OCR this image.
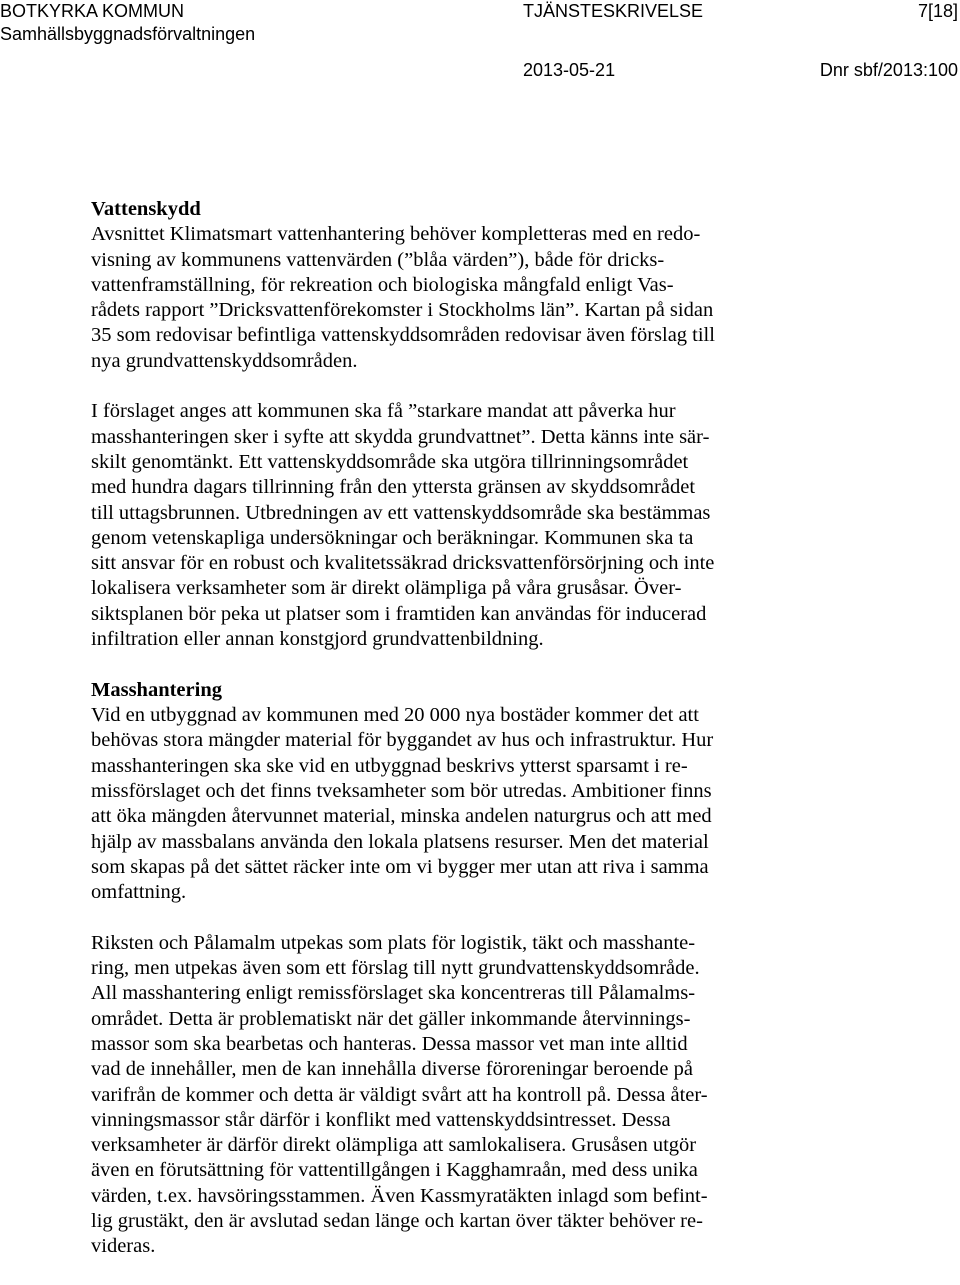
BOTKYRKA KOMMUN	TJÄNSTESKRIVELSE	7[18]
Samhällsbyggnadsförvaltningen
2013-05-21	Dnr sbf/2013:100
Vattenskydd
Avsnittet Klimatsmart vattenhantering behöver kompletteras med en redo-
visning av kommunens vattenvärden (”blåa värden”), både för dricks-
vattenframställning, för rekreation och biologiska mångfald enligt Vas-
rådets rapport ”Dricksvattenförekomster i Stockholms län”. Kartan på sidan
35 som redovisar befintliga vattenskyddsområden redovisar även förslag till
nya grundvattenskyddsområden.
I förslaget anges att kommunen ska få ”starkare mandat att påverka hur
masshanteringen sker i syfte att skydda grundvattnet”. Detta känns inte sär-
skilt genomtänkt. Ett vattenskyddsområde ska utgöra tillrinningsområdet
med hundra dagars tillrinning från den yttersta gränsen av skyddsområdet
till uttagsbrunnen. Utbredningen av ett vattenskyddsområde ska bestämmas
genom vetenskapliga undersökningar och beräkningar. Kommunen ska ta
sitt ansvar för en robust och kvalitetssäkrad dricksvattenförsörjning och inte
lokalisera verksamheter som är direkt olämpliga på våra grusåsar. Över-
siktsplanen bör peka ut platser som i framtiden kan användas för inducerad
infiltration eller annan konstgjord grundvattenbildning.
Masshantering
Vid en utbyggnad av kommunen med 20 000 nya bostäder kommer det att
behövas stora mängder material för byggandet av hus och infrastruktur. Hur
masshanteringen ska ske vid en utbyggnad beskrivs ytterst sparsamt i re-
missförslaget och det finns tveksamheter som bör utredas. Ambitioner finns
att öka mängden återvunnet material, minska andelen naturgrus och att med
hjälp av massbalans använda den lokala platsens resurser. Men det material
som skapas på det sättet räcker inte om vi bygger mer utan att riva i samma
omfattning.
Riksten och Pålamalm utpekas som plats för logistik, täkt och masshante-
ring, men utpekas även som ett förslag till nytt grundvattenskyddsområde.
All masshantering enligt remissförslaget ska koncentreras till Pålamalms-
området. Detta är problematiskt när det gäller inkommande återvinnings-
massor som ska bearbetas och hanteras. Dessa massor vet man inte alltid
vad de innehåller, men de kan innehålla diverse föroreningar beroende på
varifrån de kommer och detta är väldigt svårt att ha kontroll på. Dessa åter-
vinningsmassor står därför i konflikt med vattenskyddsintresset. Dessa
verksamheter är därför direkt olämpliga att samlokalisera. Grusåsen utgör
även en förutsättning för vattentillgången i Kagghamraån, med dess unika
värden, t.ex. havsöringsstammen. Även Kassmyratäkten inlagd som befint-
lig grustäkt, den är avslutad sedan länge och kartan över täkter behöver re-
videras.
